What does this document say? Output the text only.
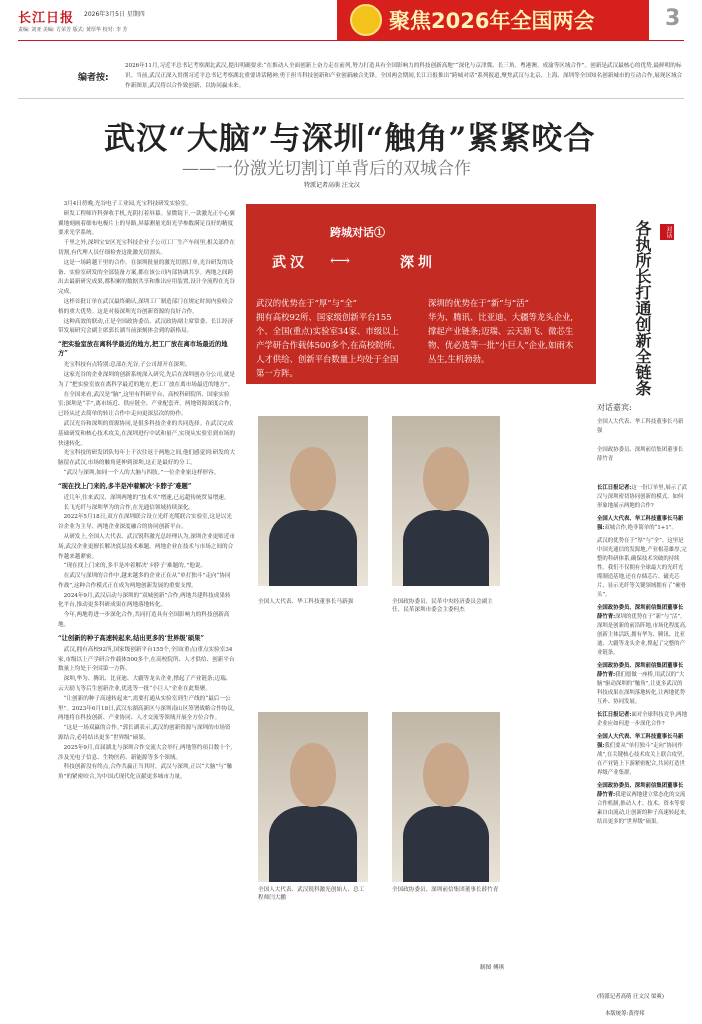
长江日报 2026年3月5日 星期四
责编: 刘亚 美编: 方荣芳 版式: 黄厚华 校对: 李 芳	聚焦2026年全国两会	3
编者按:
2026年11月,习近平总书记考察湖北武汉,提出明确要求:“在推动人全面创新上奋力走在前列,努力打造具有全国影响力的科技创新高地”“深化与京津冀、长三角、粤港澳、成渝等区域合作”。创新是武汉最核心的优势,最鲜明的标识。当前,武汉正深入贯彻习近平总书记考察湖北重要讲话精神,勇于担当科技创新和产业创新融合先锋。全国两会期间,长江日报推出“跨城对话”系列报道,聚焦武汉与北京、上海、深圳等全国知名创新城市的互动合作,展现区域合作新图景,武汉将以合作致创新、以协同赢未来。
武汉“大脑”与深圳“触角”紧紧咬合
——一份激光切割订单背后的双城合作
特派记者高萌 汪文汉

3月4日傍晚,光谷电子工业园,光宝科技研发实验室。

研发工程师许科弹收手机,光阴打着屏幕。显微镜下,一款激光正小心翼翼地刻画着细布电极片上的导路,屏幕测量光组光学参数满足良好的精度要求光学系统。

千里之外,深圳宝安区光宝科技企业子公司工厂生产车间里,相关部件在切割,有代理人员仔细检查这批激光切割头。

这是一场跨越千里的合作。在深圳批量的激光切割订单,光谷研发的设备、实验室研发的全部装备方案,都在该公司内部协调共享。两地之间跨出去最新研究成果,都积累的数据共享和推出应用装置,设计全流程在光谷完成。

这样首批订单在武汉最终确认,深圳工厂制造部门在规定时间内验收合格的重大优势。这是对接深圳光谷创新资源的良好合作。

这种高效的联动,正是全国政协委员、武汉政协副主席常委、长江经济带发展研究会副主席郭长湖当前深刻体会到的新格局。

“把实验室放在离科学最近的地方,把工厂放在离市场最近的地方”

光宝科技有点特别:总部在光谷,子公司却开在深圳。

这家光谷的企业深圳的创新系统深入研究,先后在深圳创办分公司,就是为了“把实验室放在离科学最近的地方,把工厂放在离市场最近的地方”。

在全国来看,武汉是“脑”,这里有科研平台、高校科研院所、国家实验室;深圳是“手”,离市场近、供应链全、产业配套齐。两地资源深度合作,已经从过去简单的转让合作中走向更深层次的协作。

武汉光谷和深圳的资源协同,是很多科技企业的共同选择。在武汉完成基础研发和核心技术攻关,在深圳进行中试和量产,实现从实验室到市场的快速转化。

光宝科技的研发团队每年上千次往返于两地之间,他们感觉到:研发的大脑留在武汉,市场的触角延伸到深圳,这正是最好的分工。

“武汉与深圳,如同一个人的大脑与四肢。”一位企业家这样形容。

“现在找上门来的,多半是冲着解决‘卡脖子’难题”

近几年,往来武汉、深圳两地的“技术买”增速,已远超传统贸易增速。

长飞光纤与深圳华为的合作,在光通信领域持续深化。

2022年5月18日,双方在深圳联合设立光纤光缆联合实验室,这是以光谷企业为主导、两地企业深度融合的协同创新平台。

从研发上,全国人大代表、武汉锐科激光总经理认为,深圳企业更贴近市场,武汉企业更擅长解决底层技术难题。两地企业在技术与市场之间的合作越来越紧密。

“现在找上门来的,多半是冲着解决‘卡脖子’难题的。”他说。

在武汉与深圳的合作中,越来越多的企业正在从“单打独斗”走向“协同作战”,这种合作模式正在成为两地创新发展的重要支撑。

2024年9月,武汉启动与深圳的“双城创新”合作,两地共建科技成果转化平台,推动更多科研成果在两地落地转化。

今年,两地将进一步深化合作,共同打造具有全国影响力的科技创新高地。

“让创新的种子高速转起来,结出更多的‘世界级’硕果”

武汉,拥有高校92所,国家级创新平台155个,全国(重点)重点实验室34家,市级以上产学研合作载体500多个,在高校院所、人才供给、创新平台数量上均处于全国第一方阵。

深圳,华为、腾讯、比亚迪、大疆等龙头企业,撑起了产业链条;迈瑞、云天励飞等后生创新企业,优选等一批“小巨人”企业在此集聚。

“让创新的种子高速转起来”,需要打通从实验室到生产线的“最后一公里”。2023年6月18日,武汉东湖高新区与深圳南山区签署战略合作协议,两地将在科技创新、产业协同、人才交流等领域开展全方位合作。

“这是一场双赢的合作。”郭长湖表示,武汉的创新资源与深圳的市场资源结合,必将结出更多“世界级”硕果。

2025年9月,首届湖北与深圳合作交流大会举行,两地签约项目数十个,涉及光电子信息、生物医药、新能源等多个领域。

科技创新没有终点,合作共赢正当其时。武汉与深圳,正以“大脑”与“触角”的紧密咬合,为中国式现代化贡献更多城市力量。

跨城对话①
武汉 ⟷	深圳
武汉的优势在于“厚”与“全”
拥有高校92所、国家级创新平台155个、全国(重点)实验室34家、市级以上产学研合作载体500多个,在高校院所、人才供给、创新平台数量上均处于全国第一方阵。
深圳的优势在于“新”与“活”
华为、腾讯、比亚迪、大疆等龙头企业,撑起产业链条;迈瑞、云天励飞、微芯生物、优必选等一批“小巨人”企业,如雨木丛生,生机勃勃。	各执所长打通创新全链条	对话
全国人大代表、华工科技董事长马新强	全国政协委员、民革中央经济委员会副主任、民革深圳市委会主委何杰
全国人大代表、武汉锐科激光创始人、总工程师闫大鹏
全国政协委员、深圳前信集团董事长薛竹青
制图 傅琪
对话嘉宾:
全国人大代表、华工科技董事长马新强
全国政协委员、深圳前信集团董事长薛竹青
长江日报记者:这一份订单里,展示了武汉与深圳密切协同创新的模式。如何形象地展示两地的合作?
全国人大代表、华工科技董事长马新强:双城合作,绝非简单的“1+1”。
武汉的优势在于“厚”与“全”。这里是中国光通信的发源地,产业根基雄厚,完整的科研体系,确保技术突破的持续性。我们不仅拥有全球最大的光纤光缆制造基地,还在存储芯片、磁光芯片、显示光纤等关键领域拥有了“硬骨头”。
全国政协委员、深圳前信集团董事长薛竹青:深圳的优势在于“新”与“活”。深圳是创新的前沿阵地,市场化程度高,创新主体活跃,拥有华为、腾讯、比亚迪、大疆等龙头企业,撑起了完整的产业链条。
全国政协委员、深圳前信集团董事长薛竹青:我们愿做一座桥,用武汉的“大脑”驱动深圳的“触角”,让更多武汉的科技成果在深圳落地转化,让两地优势互补、协同发展。
长江日报记者:面对全球科技竞争,两地企业应如何进一步深化合作?
全国人大代表、华工科技董事长马新强:我们要从“单打独斗”走向“协同作战”,在关键核心技术攻关上联合攻坚,在产业链上下游紧密配合,共同打造世界级产业集群。
全国政协委员、深圳前信集团董事长薛竹青:我建议两地建立常态化的交流合作机制,推动人才、技术、资本等要素自由流动,让创新的种子高速转起来,结出更多的“世界级”硕果。
(特派记者高萌 汪文汉 梁爽)
本版统筹:黄得邦
